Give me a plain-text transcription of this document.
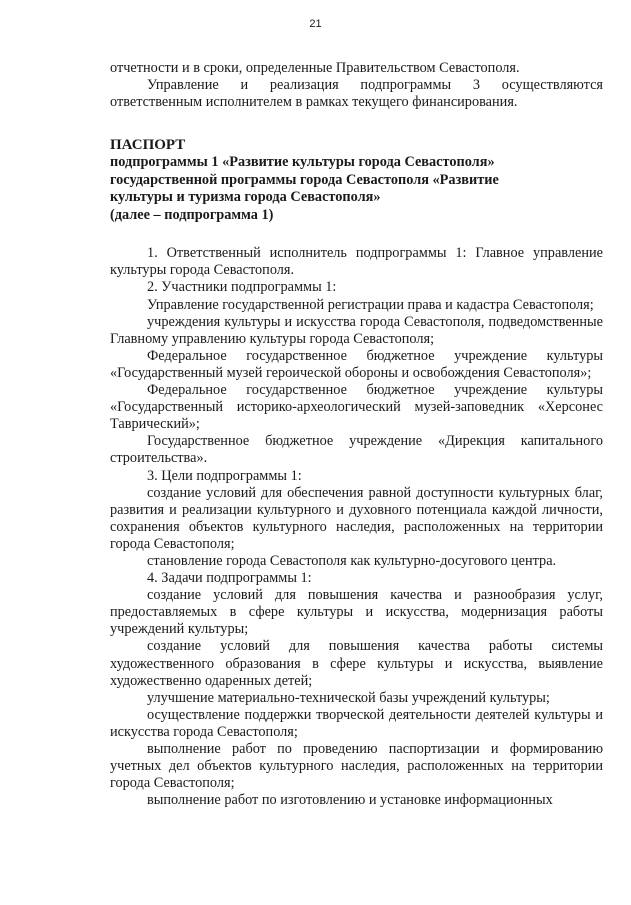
21

отчетности и в сроки, определенные Правительством Севастополя.

Управление и реализация подпрограммы 3 осуществляются ответственным исполнителем в рамках текущего финансирования.

ПАСПОРТ

подпрограммы 1 «Развитие культуры города Севастополя»

государственной программы города Севастополя «Развитие

культуры и туризма города Севастополя»

(далее – подпрограмма 1)

1. Ответственный исполнитель подпрограммы 1: Главное управление культуры города Севастополя.

2. Участники подпрограммы 1:

Управление государственной регистрации права и кадастра Севастополя;

учреждения культуры и искусства города Севастополя, подведомственные Главному управлению культуры города Севастополя;

Федеральное государственное бюджетное учреждение культуры «Государственный музей героической обороны и освобождения Севастополя»;

Федеральное государственное бюджетное учреждение культуры «Государственный историко-археологический музей-заповедник «Херсонес Таврический»;

Государственное бюджетное учреждение «Дирекция капитального строительства».

3. Цели подпрограммы 1:

создание условий для обеспечения равной доступности культурных благ, развития и реализации культурного и духовного потенциала каждой личности, сохранения объектов культурного наследия, расположенных на территории города Севастополя;

становление города Севастополя как культурно-досугового центра.

4. Задачи подпрограммы 1:

создание условий для повышения качества и разнообразия услуг, предоставляемых в сфере культуры и искусства, модернизация работы учреждений культуры;

создание условий для повышения качества работы системы художественного образования в сфере культуры и искусства, выявление художественно одаренных детей;

улучшение материально-технической базы учреждений культуры;

осуществление поддержки творческой деятельности деятелей культуры и искусства города Севастополя;

выполнение работ по проведению паспортизации и формированию учетных дел объектов культурного наследия, расположенных на территории города Севастополя;

выполнение работ по изготовлению и установке информационных
